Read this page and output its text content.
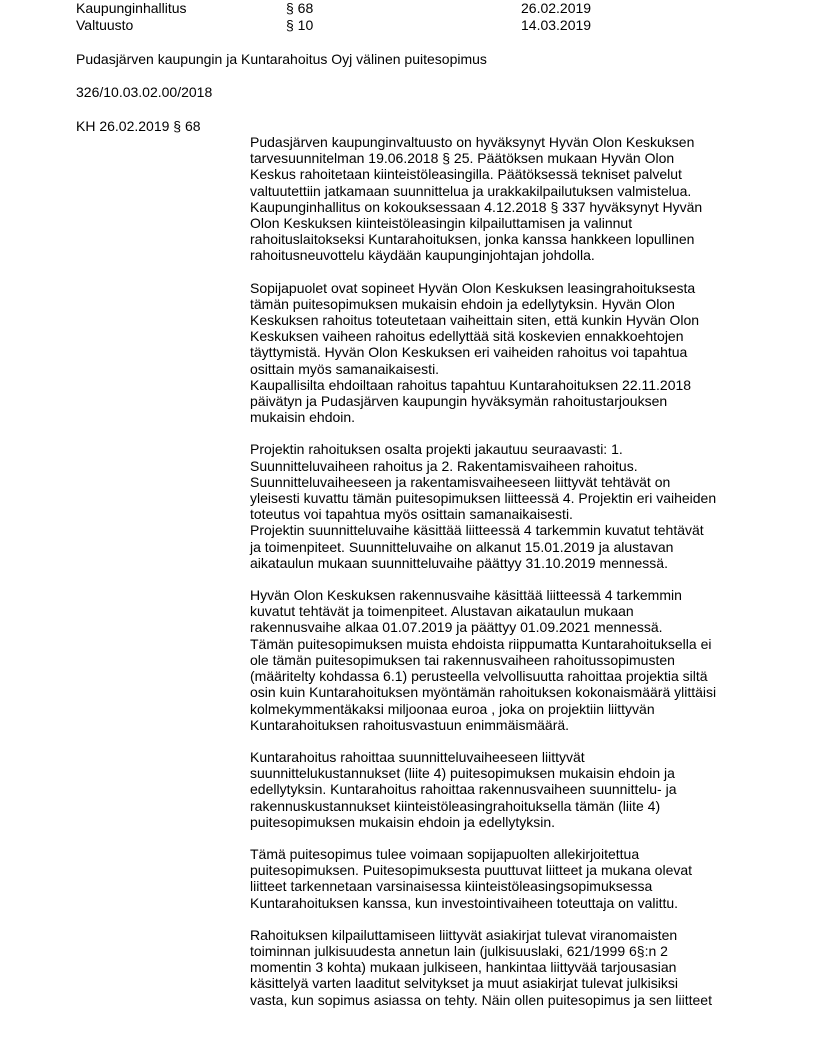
Kaupunginhallitus	§ 68	26.02.2019
Valtuusto	§ 10	14.03.2019
Pudasjärven kaupungin ja Kuntarahoitus Oyj välinen puitesopimus
326/10.03.02.00/2018
KH 26.02.2019 § 68

Pudasjärven kaupunginvaltuusto on hyväksynyt Hyvän Olon Keskuksen
tarvesuunnitelman 19.06.2018 § 25. Päätöksen mukaan Hyvän Olon
Keskus rahoitetaan kiinteistöleasingilla. Päätöksessä tekniset palvelut
valtuutettiin jatkamaan suunnittelua ja urakkakilpailutuksen valmistelua.
Kaupunginhallitus on kokouksessaan 4.12.2018 § 337 hyväksynyt Hyvän
Olon Keskuksen kiinteistöleasingin kilpailuttamisen ja valinnut
rahoituslaitokseksi Kuntarahoituksen, jonka kanssa hankkeen lopullinen
rahoitusneuvottelu käydään kaupunginjohtajan johdolla.

Sopijapuolet ovat sopineet Hyvän Olon Keskuksen leasingrahoituksesta
tämän puitesopimuksen mukaisin ehdoin ja edellytyksin. Hyvän Olon
Keskuksen rahoitus toteutetaan vaiheittain siten, että kunkin Hyvän Olon
Keskuksen vaiheen rahoitus edellyttää sitä koskevien ennakkoehtojen
täyttymistä. Hyvän Olon Keskuksen eri vaiheiden rahoitus voi tapahtua
osittain myös samanaikaisesti.
Kaupallisilta ehdoiltaan rahoitus tapahtuu Kuntarahoituksen 22.11.2018
päivätyn ja Pudasjärven kaupungin hyväksymän rahoitustarjouksen
mukaisin ehdoin.

Projektin rahoituksen osalta projekti jakautuu seuraavasti: 1.
Suunnitteluvaiheen rahoitus ja 2. Rakentamisvaiheen rahoitus.
Suunnitteluvaiheeseen ja rakentamisvaiheeseen liittyvät tehtävät on
yleisesti kuvattu tämän puitesopimuksen liitteessä 4. Projektin eri vaiheiden
toteutus voi tapahtua myös osittain samanaikaisesti.
Projektin suunnitteluvaihe käsittää liitteessä 4 tarkemmin kuvatut tehtävät
ja toimenpiteet. Suunnitteluvaihe on alkanut 15.01.2019 ja alustavan
aikataulun mukaan suunnitteluvaihe päättyy 31.10.2019 mennessä.

Hyvän Olon Keskuksen rakennusvaihe käsittää liitteessä 4 tarkemmin
kuvatut tehtävät ja toimenpiteet. Alustavan aikataulun mukaan
rakennusvaihe alkaa 01.07.2019 ja päättyy 01.09.2021 mennessä.
Tämän puitesopimuksen muista ehdoista riippumatta Kuntarahoituksella ei
ole tämän puitesopimuksen tai rakennusvaiheen rahoitussopimusten
(määritelty kohdassa 6.1) perusteella velvollisuutta rahoittaa projektia siltä
osin kuin Kuntarahoituksen myöntämän rahoituksen kokonaismäärä ylittäisi
kolmekymmentäkaksi miljoonaa euroa , joka on projektiin liittyvän
Kuntarahoituksen rahoitusvastuun enimmäismäärä.

Kuntarahoitus rahoittaa suunnitteluvaiheeseen liittyvät
suunnittelukustannukset (liite 4) puitesopimuksen mukaisin ehdoin ja
edellytyksin. Kuntarahoitus rahoittaa rakennusvaiheen suunnittelu- ja
rakennuskustannukset kiinteistöleasingrahoituksella tämän (liite 4)
puitesopimuksen mukaisin ehdoin ja edellytyksin.

Tämä puitesopimus tulee voimaan sopijapuolten allekirjoitettua
puitesopimuksen. Puitesopimuksesta puuttuvat liitteet ja mukana olevat
liitteet tarkennetaan varsinaisessa kiinteistöleasingsopimuksessa
Kuntarahoituksen kanssa, kun investointivaiheen toteuttaja on valittu.

Rahoituksen kilpailuttamiseen liittyvät asiakirjat tulevat viranomaisten
toiminnan julkisuudesta annetun lain (julkisuuslaki, 621/1999 6§:n 2
momentin 3 kohta) mukaan julkiseen, hankintaa liittyvää tarjousasian
käsittelyä varten laaditut selvitykset ja muut asiakirjat tulevat julkisiksi
vasta, kun sopimus asiassa on tehty. Näin ollen puitesopimus ja sen liitteet
